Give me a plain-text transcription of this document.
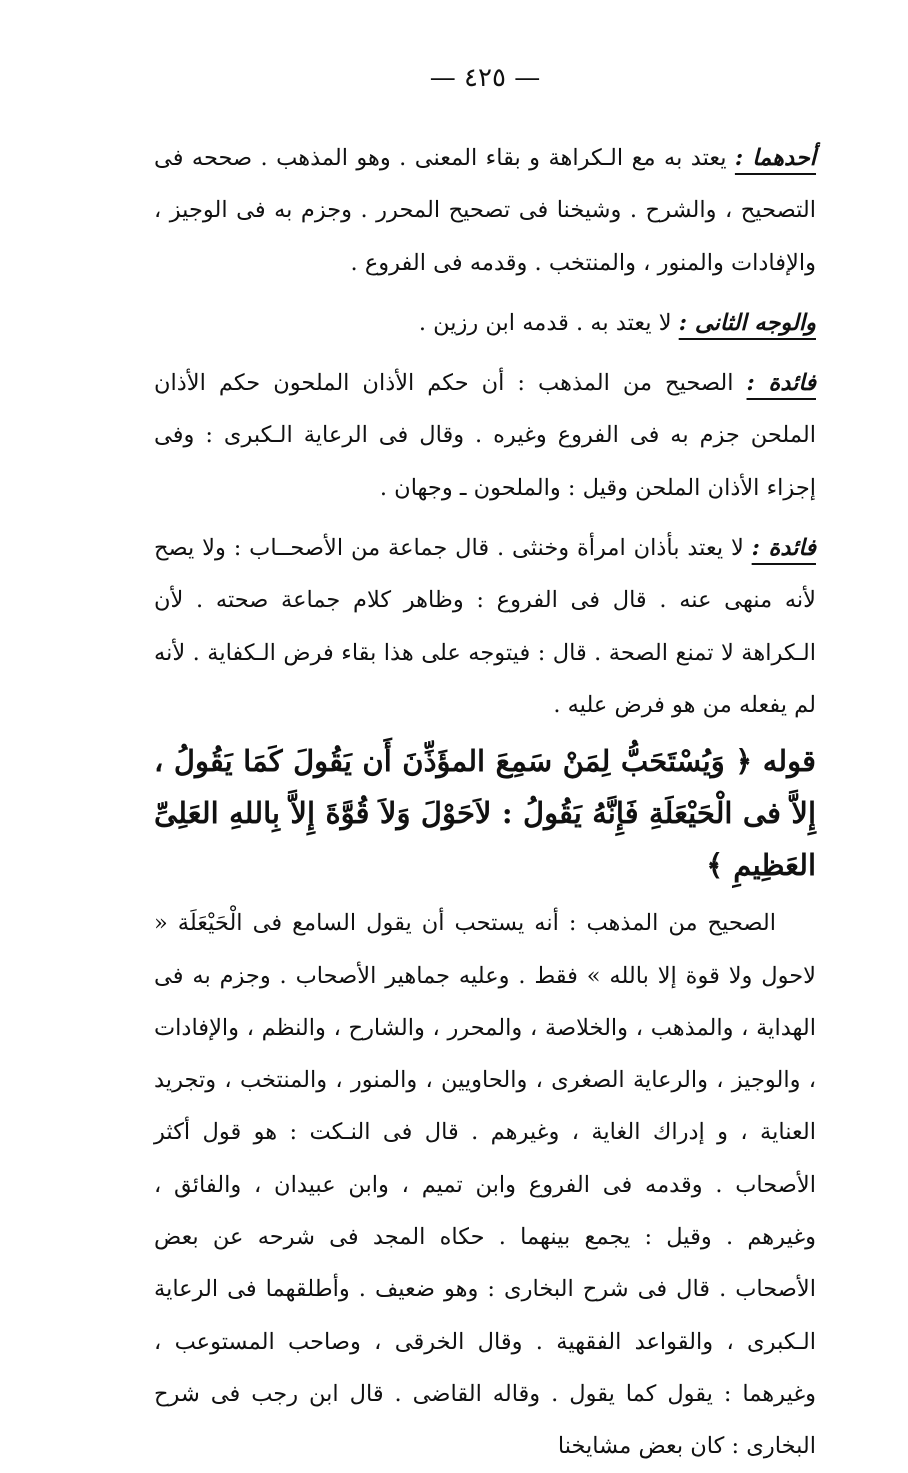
— ٤٢٥ —

أحدهما : يعتد به مع الـكراهة و بقاء المعنى . وهو المذهب . صححه فى التصحيح ، والشرح . وشيخنا فى تصحيح المحرر . وجزم به فى الوجيز ، والإفادات والمنور ، والمنتخب . وقدمه فى الفروع .

والوجه الثانى : لا يعتد به . قدمه ابن رزين .

فائدة : الصحيح من المذهب : أن حكم الأذان الملحون حكم الأذان الملحن جزم به فى الفروع وغيره . وقال فى الرعاية الـكبرى : وفى إجزاء الأذان الملحن وقيل : والملحون ـ وجهان .

فائدة : لا يعتد بأذان امرأة وخنثى . قال جماعة من الأصحــاب : ولا يصح لأنه منهى عنه . قال فى الفروع : وظاهر كلام جماعة صحته . لأن الـكراهة لا تمنع الصحة . قال : فيتوجه على هذا بقاء فرض الـكفاية . لأنه لم يفعله من هو فرض عليه .

قوله ﴿ وَيُسْتَحَبُّ لِمَنْ سَمِعَ المؤَذِّنَ أَن يَقُولَ كَمَا يَقُولُ ، إِلاَّ فى الْحَيْعَلَةِ فَإِنَّهُ يَقُولُ : لاَحَوْلَ وَلاَ قُوَّةَ إِلاَّ بِاللهِ العَلِىِّ العَظِيمِ ﴾

الصحيح من المذهب : أنه يستحب أن يقول السامع فى الْحَيْعَلَة « لاحول ولا قوة إلا بالله » فقط . وعليه جماهير الأصحاب . وجزم به فى الهداية ، والمذهب ، والخلاصة ، والمحرر ، والشارح ، والنظم ، والإفادات ، والوجيز ، والرعاية الصغرى ، والحاويين ، والمنور ، والمنتخب ، وتجريد العناية ، و إدراك الغاية ، وغيرهم . قال فى النـكت : هو قول أكثر الأصحاب . وقدمه فى الفروع وابن تميم ، وابن عبيدان ، والفائق ، وغيرهم . وقيل : يجمع بينهما . حكاه المجد فى شرحه عن بعض الأصحاب . قال فى شرح البخارى : وهو ضعيف . وأطلقهما فى الرعاية الـكبرى ، والقواعد الفقهية . وقال الخرقى ، وصاحب المستوعب ، وغيرهما : يقول كما يقول . وقاله القاضى . قال ابن رجب فى شرح البخارى : كان بعض مشايخنا
